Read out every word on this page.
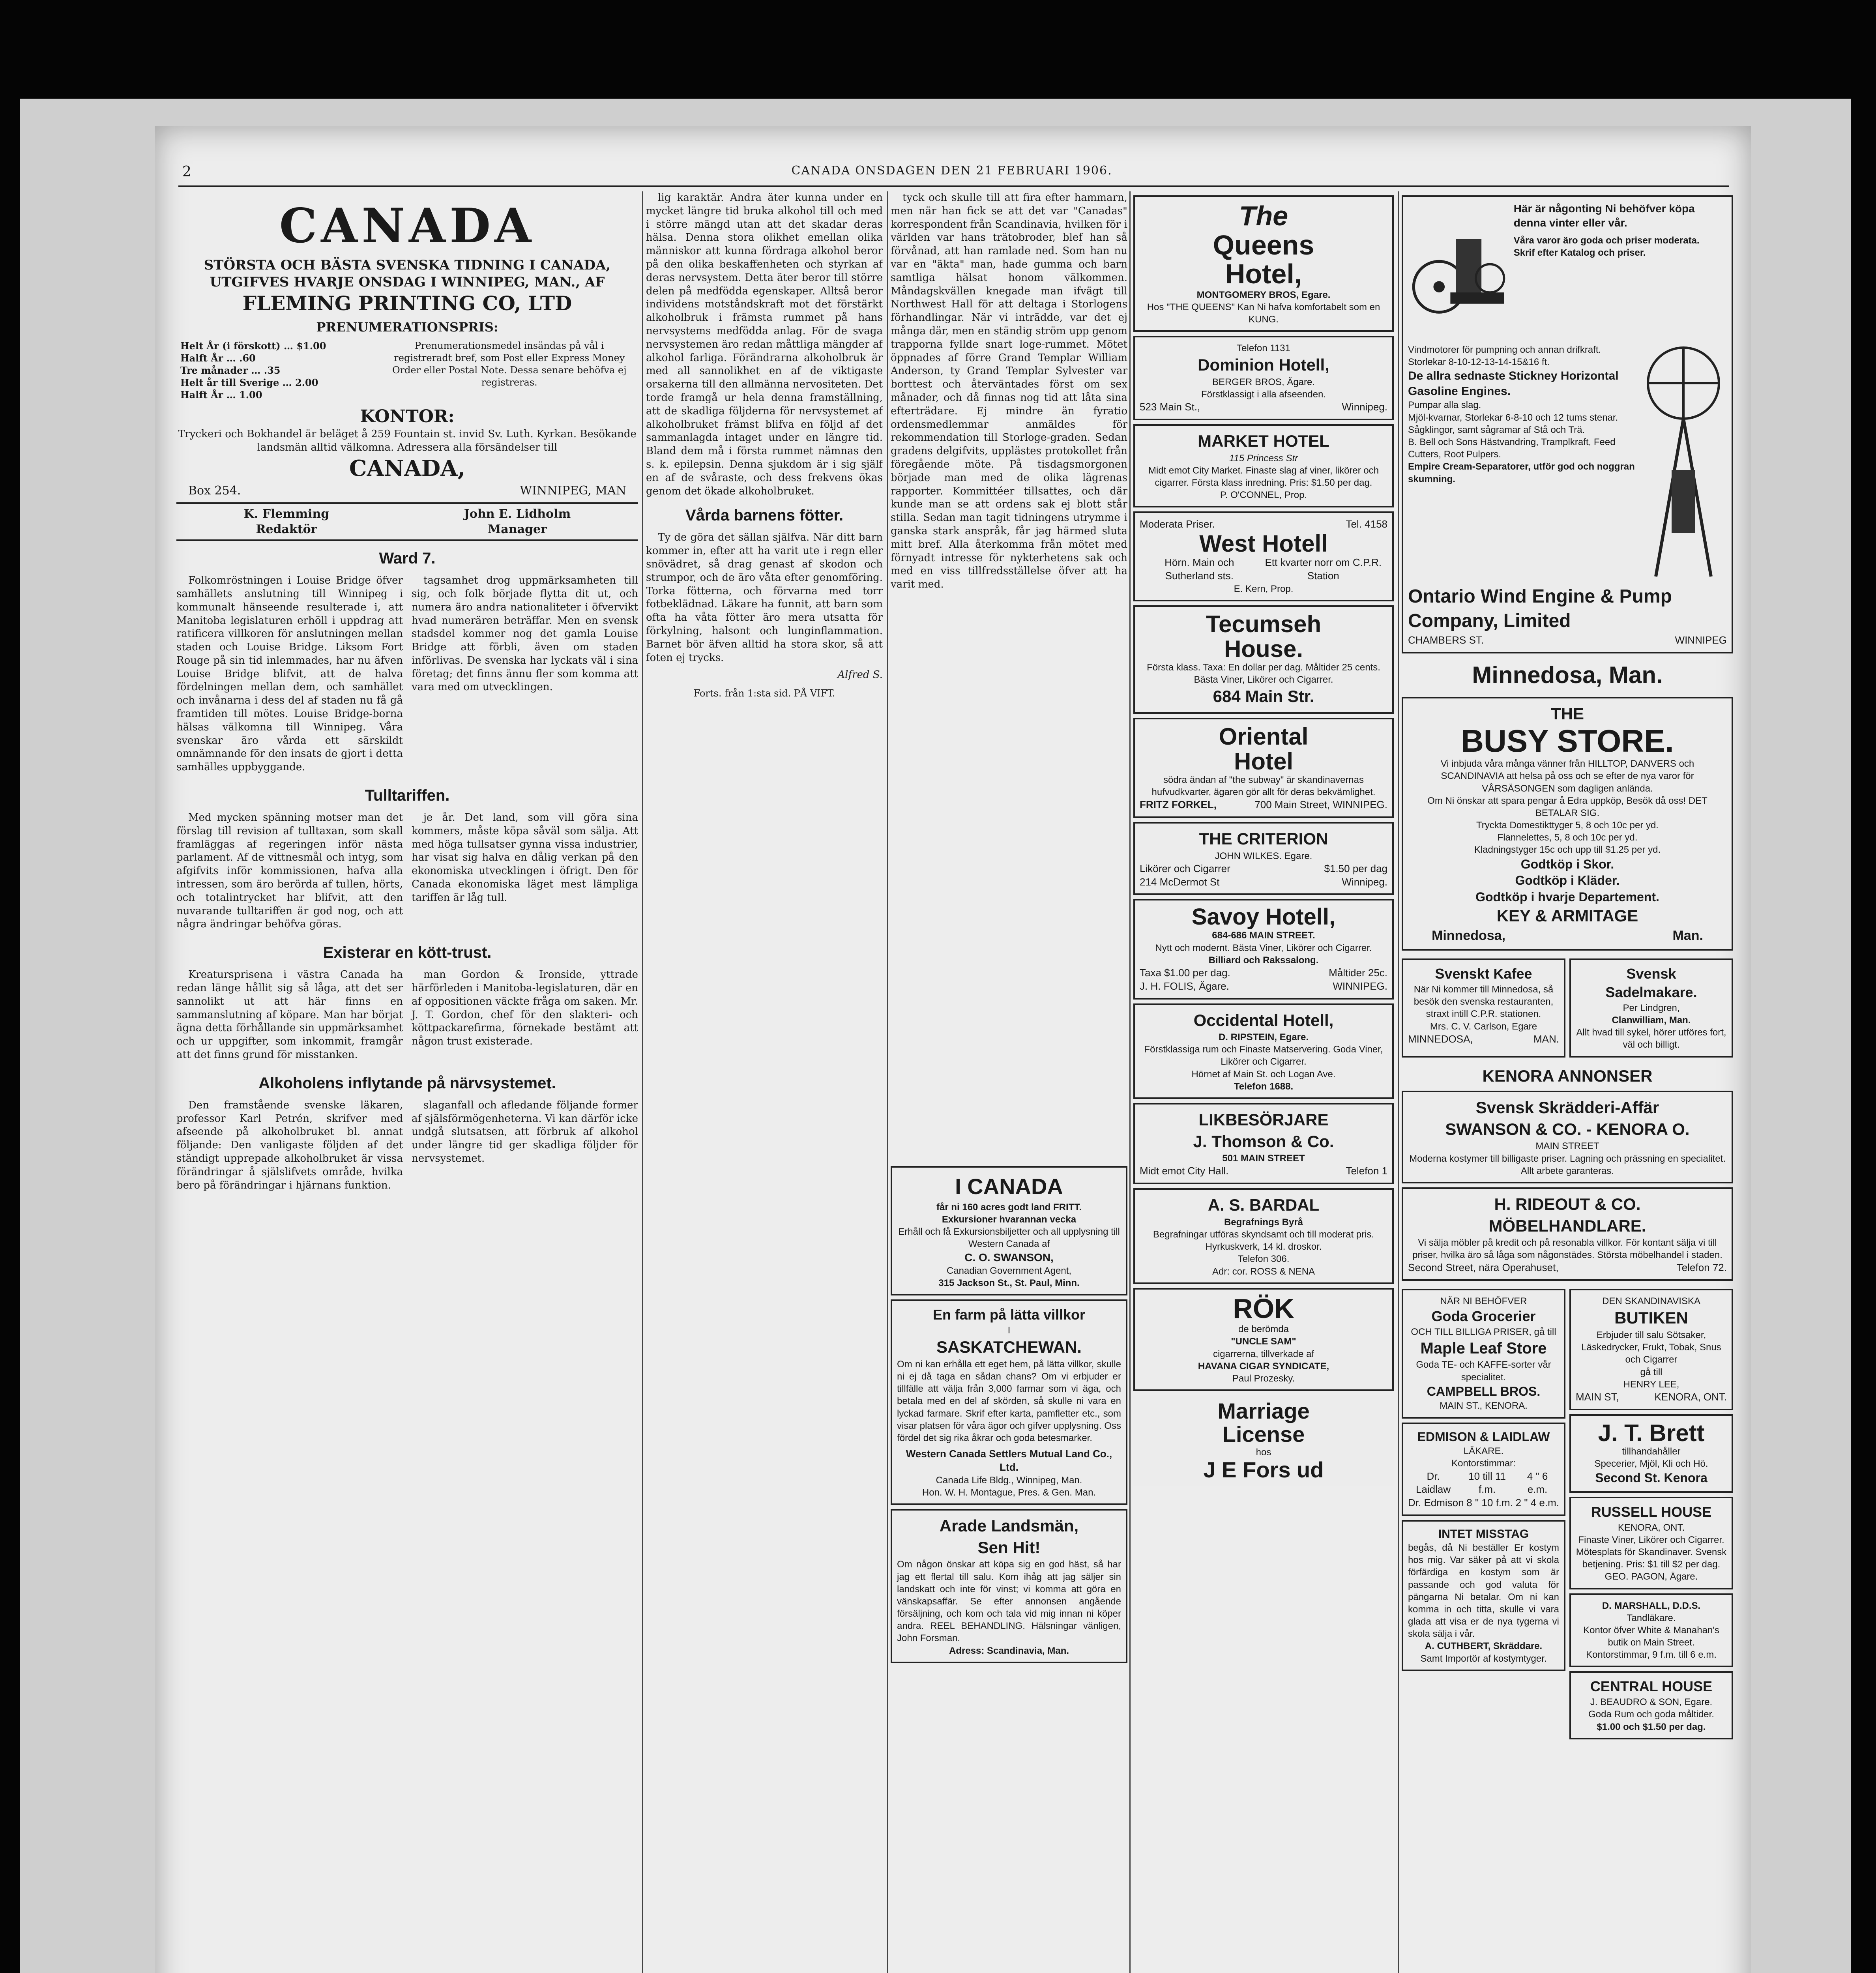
2	CANADA ONSDAGEN DEN 21 FEBRUARI 1906.
CANADA
STÖRSTA OCH BÄSTA SVENSKA TIDNING I CANADA, UTGIFVES HVARJE ONSDAG I WINNIPEG, MAN., AF
FLEMING PRINTING CO, LTD
PRENUMERATIONSPRIS:
Helt År (i förskott) … $1.00
Halft År … .60
Tre månader … .35
Helt år till Sverige … 2.00
Halft År … 1.00
Prenumerationsmedel insändas på vål i registreradt bref, som Post eller Express Money Order eller Postal Note. Dessa senare behöfva ej registreras.
KONTOR:
Tryckeri och Bokhandel är beläget å 259 Fountain st. invid Sv. Luth. Kyrkan. Besökande landsmän alltid välkomna. Adressera alla försändelser till
CANADA,
Box 254.	WINNIPEG, MAN
K. Flemming
Redaktör
John E. Lidholm
Manager
Ward 7.

Folkomröstningen i Louise Bridge öfver samhällets anslutning till Winnipeg i kommunalt hänseende resulterade i, att Manitoba legislaturen erhöll i uppdrag att ratificera villkoren för anslutningen mellan staden och Louise Bridge. Liksom Fort Rouge på sin tid inlemmades, har nu äfven Louise Bridge blifvit, att de halva fördelningen mellan dem, och samhället och invånarna i dess del af staden nu få gå framtiden till mötes. Louise Bridge-borna hälsas välkomna till Winnipeg. Våra svenskar äro vårda ett särskildt omnämnande för den insats de gjort i detta samhälles uppbyggande.

tagsamhet drog uppmärksamheten till sig, och folk började flytta dit ut, och numera äro andra nationaliteter i öfvervikt hvad numerären beträffar. Men en svensk stadsdel kommer nog det gamla Louise Bridge att förbli, även om staden införlivas. De svenska har lyckats väl i sina företag; det finns ännu fler som komma att vara med om utvecklingen.

Tulltariffen.

Med mycken spänning motser man det förslag till revision af tulltaxan, som skall framläggas af regeringen inför nästa parlament. Af de vittnesmål och intyg, som afgifvits inför kommissionen, hafva alla intressen, som äro berörda af tullen, hörts, och totalintrycket har blifvit, att den nuvarande tulltariffen är god nog, och att några ändringar behöfva göras.

je år. Det land, som vill göra sina kommers, måste köpa såväl som sälja. Att med höga tullsatser gynna vissa industrier, har visat sig halva en dålig verkan på den ekonomiska utvecklingen i öfrigt. Den för Canada ekonomiska läget mest lämpliga tariffen är låg tull.

Existerar en kött-trust.

Kreatursprisena i västra Canada ha redan länge hållit sig så låga, att det ser sannolikt ut att här finns en sammanslutning af köpare. Man har börjat ägna detta förhållande sin uppmärksamhet och ur uppgifter, som inkommit, framgår att det finns grund för misstanken.

man Gordon & Ironside, yttrade härförleden i Manitoba-legislaturen, där en af oppositionen väckte fråga om saken. Mr. J. T. Gordon, chef för den slakteri- och köttpackarefirma, förnekade bestämt att någon trust existerade.

Alkoholens inflytande på närvsystemet.

Den framstående svenske läkaren, professor Karl Petrén, skrifver med afseende på alkoholbruket bl. annat följande: Den vanligaste följden af det ständigt upprepade alkoholbruket är vissa förändringar å själslifvets område, hvilka bero på förändringar i hjärnans funktion.

slaganfall och afledande följande former af själsförmögenheterna. Vi kan därför icke undgå slutsatsen, att förbruk af alkohol under längre tid ger skadliga följder för nervsystemet.

lig karaktär. Andra äter kunna under en mycket längre tid bruka alkohol till och med i större mängd utan att det skadar deras hälsa. Denna stora olikhet emellan olika människor att kunna fördraga alkohol beror på den olika beskaffenheten och styrkan af deras nervsystem. Detta äter beror till större delen på medfödda egenskaper. Alltså beror individens motståndskraft mot det förstärkt alkoholbruk i främsta rummet på hans nervsystems medfödda anlag. För de svaga nervsystemen äro redan måttliga mängder af alkohol farliga. Förändrarna alkoholbruk är med all sannolikhet en af de viktigaste orsakerna till den allmänna nervositeten. Det torde framgå ur hela denna framställning, att de skadliga följderna för nervsystemet af alkoholbruket främst blifva en följd af det sammanlagda intaget under en längre tid. Bland dem må i första rummet nämnas den s. k. epilepsin. Denna sjukdom är i sig själf en af de svåraste, och dess frekvens ökas genom det ökade alkoholbruket.

Vårda barnens fötter.

Ty de göra det sällan själfva. När ditt barn kommer in, efter att ha varit ute i regn eller snövädret, så drag genast af skodon och strumpor, och de äro våta efter genomföring. Torka fötterna, och förvarna med torr fotbeklädnad. Läkare ha funnit, att barn som ofta ha våta fötter äro mera utsatta för förkylning, halsont och lunginflammation. Barnet bör äfven alltid ha stora skor, så att foten ej trycks.

Alfred S.
Forts. från 1:sta sid. PÅ VIFT.

tyck och skulle till att fira efter hammarn, men när han fick se att det var "Canadas" korrespondent från Scandinavia, hvilken för i världen var hans trätobroder, blef han så förvånad, att han ramlade ned. Som han nu var en "äkta" man, hade gumma och barn samtliga hälsat honom välkommen. Måndagskvällen knegade man ifvägt till Northwest Hall för att deltaga i Storlogens förhandlingar. När vi inträdde, var det ej många där, men en ständig ström upp genom trapporna fyllde snart loge-rummet. Mötet öppnades af förre Grand Templar William Anderson, ty Grand Templar Sylvester var borttest och återväntades först om sex månader, och då finnas nog tid att låta sina efterträdare. Ej mindre än fyratio ordensmedlemmar anmäldes för rekommendation till Storloge-graden. Sedan gradens delgifvits, upplästes protokollet från föregående möte. På tisdagsmorgonen började man med de olika lägrenas rapporter. Kommittéer tillsattes, och där kunde man se att ordens sak ej blott står stilla. Sedan man tagit tidningens utrymme i ganska stark anspråk, får jag härmed sluta mitt bref. Alla återkomma från mötet med förnyadt intresse för nykterhetens sak och med en viss tillfredsställelse öfver att ha varit med.

I CANADA
får ni 160 acres godt land FRITT.
Exkursioner hvarannan vecka
Erhåll och få Exkursionsbiljetter och all upplysning till Western Canada af
C. O. SWANSON,
Canadian Government Agent,
315 Jackson St., St. Paul, Minn.
En farm på lätta villkor
I
SASKATCHEWAN.
Om ni kan erhålla ett eget hem, på lätta villkor, skulle ni ej då taga en sådan chans? Om vi erbjuder er tillfälle att välja från 3,000 farmar som vi äga, och betala med en del af skörden, så skulle ni vara en lyckad farmare. Skrif efter karta, pamfletter etc., som visar platsen för våra ägor och gifver upplysning. Oss fördel det sig rika åkrar och goda betesmarker.
Western Canada Settlers Mutual Land Co., Ltd.
Canada Life Bldg., Winnipeg, Man.
Hon. W. H. Montague, Pres. & Gen. Man.
Arade Landsmän,
Sen Hit!
Om någon önskar att köpa sig en god häst, så har jag ett flertal till salu. Kom ihåg att jag säljer sin landskatt och inte för vinst; vi komma att göra en vänskapsaffär. Se efter annonsen angående försäljning, och kom och tala vid mig innan ni köper andra. REEL BEHANDLING. Hälsningar vänligen, John Forsman.
Adress: Scandinavia, Man.
The
Queens
Hotel,
MONTGOMERY BROS, Egare.
Hos "THE QUEENS" Kan Ni hafva komfortabelt som en KUNG.
Telefon 1131
Dominion Hotell,
BERGER BROS, Ägare.
Förstklassigt i alla afseenden.
523 Main St.,	Winnipeg.
MARKET HOTEL
115 Princess Str
Midt emot City Market. Finaste slag af viner, likörer och cigarrer. Första klass inredning. Pris: $1.50 per dag.
P. O'CONNEL, Prop.
Moderata Priser.	Tel. 4158
West Hotell
Hörn. Main och Sutherland sts.
Ett kvarter norr om C.P.R. Station
E. Kern, Prop.
Tecumseh
House.
Första klass. Taxa: En dollar per dag. Måltider 25 cents. Bästa Viner, Likörer och Cigarrer.
684 Main Str.
Oriental
Hotel
södra ändan af "the subway" är skandinavernas hufvudkvarter, ägaren gör allt för deras bekvämlighet.
FRITZ FORKEL,	700 Main Street, WINNIPEG.
THE CRITERION
JOHN WILKES. Egare.
Likörer och Cigarrer	$1.50 per dag
214 McDermot St	Winnipeg.
Savoy Hotell,
684-686 MAIN STREET.
Nytt och modernt. Bästa Viner, Likörer och Cigarrer.
Billiard och Rakssalong.
Taxa $1.00 per dag.	Måltider 25c.
J. H. FOLIS, Ägare.	WINNIPEG.
Occidental Hotell,
D. RIPSTEIN, Egare.
Förstklassiga rum och Finaste Matservering. Goda Viner, Likörer och Cigarrer.
Hörnet af Main St. och Logan Ave.
Telefon 1688.
LIKBESÖRJARE
J. Thomson & Co.
501 MAIN STREET
Midt emot City Hall.	Telefon 1
A. S. BARDAL
Begrafnings Byrå
Begrafningar utföras skyndsamt och till moderat pris. Hyrkuskverk, 14 kl. droskor.
Telefon 306.
Adr: cor. ROSS & NENA
RÖK
de berömda
"UNCLE SAM"
cigarrerna, tillverkade af
HAVANA CIGAR SYNDICATE,
Paul Prozesky.
Marriage
License
hos
J E Fors ud
Här är någonting Ni behöfver köpa denna vinter eller vår.
Våra varor äro goda och priser moderata.
Skrif efter Katalog och priser.
Vindmotorer för pumpning och annan drifkraft. Storlekar 8-10-12-13-14-15&16 ft.
De allra sednaste Stickney Horizontal Gasoline Engines.
Pumpar alla slag.
Mjöl-kvarnar, Storlekar 6-8-10 och 12 tums stenar.
Sågklingor, samt sågramar af Stå och Trä.
B. Bell och Sons Hästvandring, Tramplkraft, Feed Cutters, Root Pulpers.
Empire Cream-Separatorer, utför god och noggran skumning.
Ontario Wind Engine & Pump Company, Limited
CHAMBERS ST.	WINNIPEG
Minnedosa, Man.
THE
BUSY STORE.
Vi inbjuda våra många vänner från HILLTOP, DANVERS och SCANDINAVIA att helsa på oss och se efter de nya varor för VÅRSÄSONGEN som dagligen anlända.
Om Ni önskar att spara pengar å Edra uppköp, Besök då oss! DET BETALAR SIG.
Tryckta Domestikttyger 5, 8 och 10c per yd.
Flannelettes, 5, 8 och 10c per yd.
Kladningstyger 15c och upp till $1.25 per yd.
Godtköp i Skor.
Godtköp i Kläder.
Godtköp i hvarje Departement.
KEY & ARMITAGE
Minnedosa,	Man.
Svenskt Kafee
När Ni kommer till Minnedosa, så besök den svenska restauranten, straxt intill C.P.R. stationen.
Mrs. C. V. Carlson, Egare
MINNEDOSA,	MAN.
Svensk
Sadelmakare.
Per Lindgren,
Clanwilliam, Man.
Allt hvad till sykel, hörer utföres fort, väl och billigt.
KENORA ANNONSER
Svensk Skrädderi-Affär
SWANSON & CO. - KENORA O.
MAIN STREET
Moderna kostymer till billigaste priser. Lagning och prässning en specialitet.
Allt arbete garanteras.
H. RIDEOUT & CO.
MÖBELHANDLARE.
Vi sälja möbler på kredit och på resonabla villkor. För kontant sälja vi till priser, hvilka äro så låga som någonstädes. Största möbelhandel i staden.
Second Street, nära Operahuset,	Telefon 72.
NÄR NI BEHÖFVER
Goda Grocerier
OCH TILL BILLIGA PRISER, gå till
Maple Leaf Store
Goda TE- och KAFFE-sorter vår specialitet.
CAMPBELL BROS.
MAIN ST., KENORA.
EDMISON & LAIDLAW
LÄKARE.
Kontorstimmar:
Dr. Laidlaw
10 till 11 f.m.
4 " 6 e.m.
Dr. Edmison 8 " 10 f.m. 2 " 4 e.m.
INTET MISSTAG
begås, då Ni beställer Er kostym hos mig. Var säker på att vi skola förfärdiga en kostym som är passande och god valuta för pängarna Ni betalar. Om ni kan komma in och titta, skulle vi vara glada att visa er de nya tygerna vi skola sälja i vår.
A. CUTHBERT, Skräddare.
Samt Importör af kostymtyger.
DEN SKANDINAVISKA
BUTIKEN
Erbjuder till salu Sötsaker, Läskedrycker, Frukt, Tobak, Snus och Cigarrer
gå till
HENRY LEE,
MAIN ST,	KENORA, ONT.
J. T. Brett
tillhandahåller
Specerier, Mjöl, Kli och Hö.
Second St. Kenora
RUSSELL HOUSE
KENORA, ONT.
Finaste Viner, Likörer och Cigarrer. Mötesplats för Skandinaver. Svensk betjening. Pris: $1 till $2 per dag.
GEO. PAGON, Ägare.
D. MARSHALL, D.D.S.
Tandläkare.
Kontor öfver White & Manahan's butik on Main Street.
Kontorstimmar, 9 f.m. till 6 e.m.
CENTRAL HOUSE
J. BEAUDRO & SON, Egare.
Goda Rum och goda måltider.
$1.00 och $1.50 per dag.
